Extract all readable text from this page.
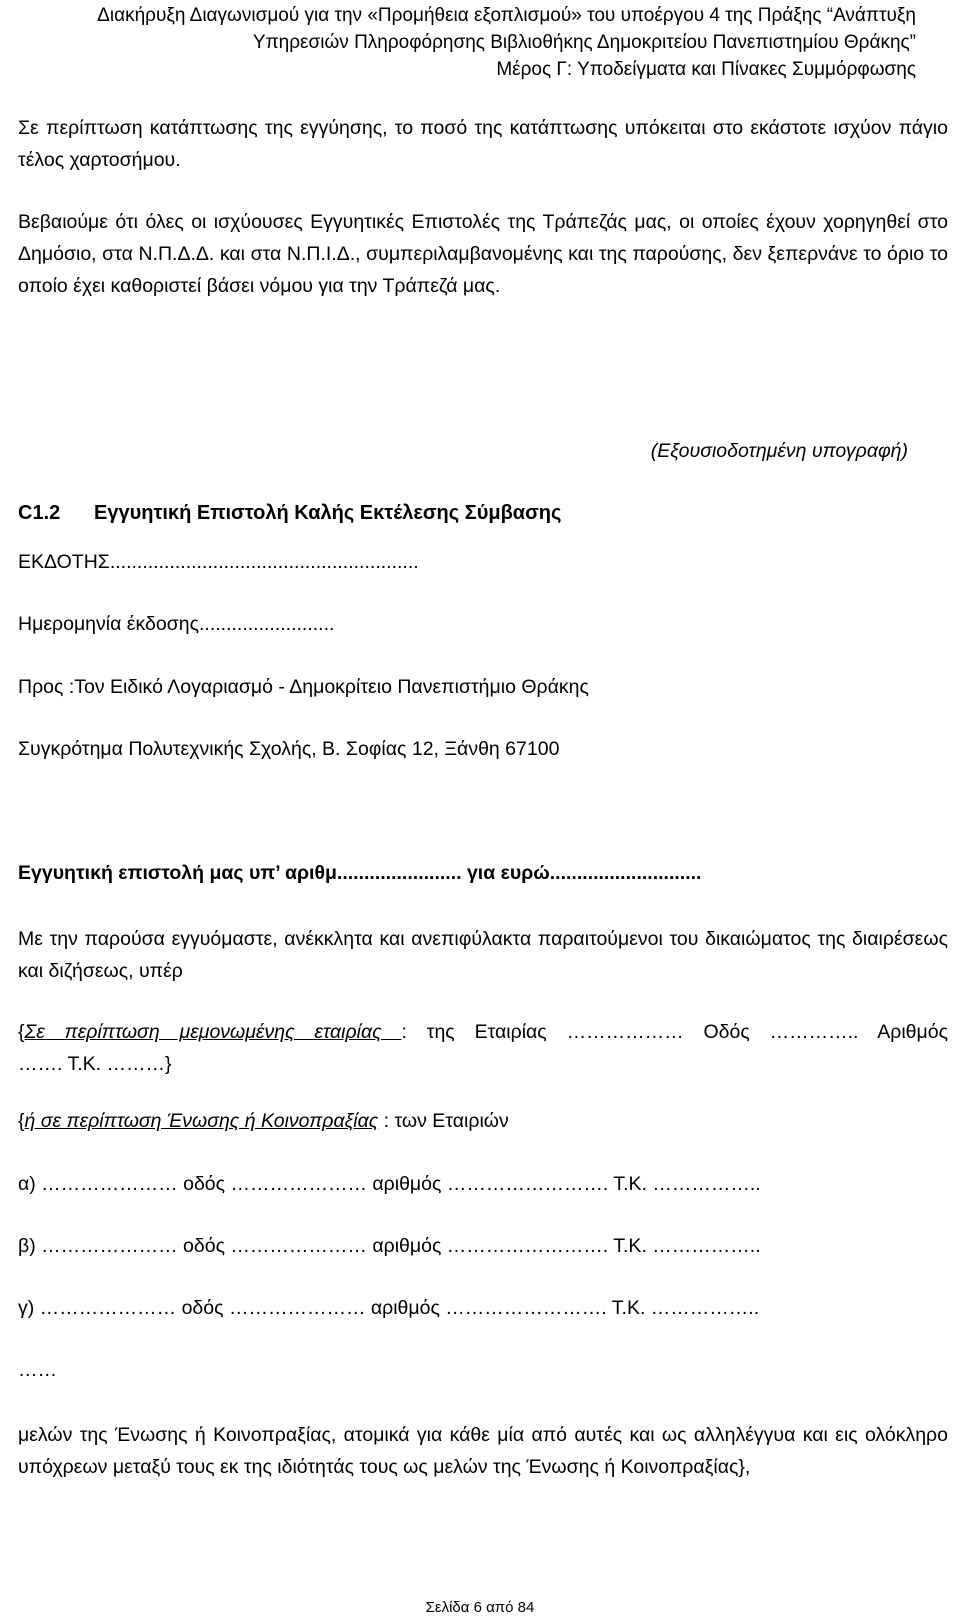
Διακήρυξη Διαγωνισμού για την «Προμήθεια εξοπλισμού» του υποέργου 4 της Πράξης “Ανάπτυξη
Υπηρεσιών Πληροφόρησης Βιβλιοθήκης Δημοκριτείου Πανεπιστημίου Θράκης”
Μέρος Γ: Υποδείγματα και Πίνακες Συμμόρφωσης

Σε περίπτωση κατάπτωσης της εγγύησης, το ποσό της κατάπτωσης υπόκειται στο εκάστοτε ισχύον πάγιο τέλος χαρτοσήμου.

Βεβαιούμε ότι όλες οι ισχύουσες Εγγυητικές Επιστολές της Τράπεζάς μας, οι οποίες έχουν χορηγηθεί στο Δημόσιο, στα Ν.Π.Δ.Δ. και στα Ν.Π.Ι.Δ., συμπεριλαμβανομένης και της παρούσης, δεν ξεπερνάνε το όριο το οποίο έχει καθοριστεί βάσει νόμου για την Τράπεζά μας.

(Εξουσιοδοτημένη υπογραφή)
C1.2 Εγγυητική Επιστολή Καλής Εκτέλεσης Σύμβασης
ΕΚΔΟΤΗΣ.........................................................
Ημερομηνία έκδοσης.........................
Προς :Τον Ειδικό Λογαριασμό - Δημοκρίτειο Πανεπιστήμιο Θράκης
Συγκρότημα Πολυτεχνικής Σχολής, Β. Σοφίας 12, Ξάνθη 67100
Εγγυητική επιστολή μας υπ’ αριθμ....................... για ευρώ............................

Με την παρούσα εγγυόμαστε, ανέκκλητα και ανεπιφύλακτα παραιτούμενοι του δικαιώματος της διαιρέσεως και διζήσεως, υπέρ

{Σε περίπτωση μεμονωμένης εταιρίας : της Εταιρίας ……………… Οδός ………….. Αριθμός

……. Τ.Κ. ………}

{ή σε περίπτωση Ένωσης ή Κοινοπραξίας : των Εταιριών
α) ………………… οδός ………………… αριθμός ……………………. Τ.Κ. ……………..
β) ………………… οδός ………………… αριθμός ……………………. Τ.Κ. ……………..
γ) ………………… οδός ………………… αριθμός ……………………. Τ.Κ. ……………..
……

μελών της Ένωσης ή Κοινοπραξίας, ατομικά για κάθε μία από αυτές και ως αλληλέγγυα και εις ολόκληρο υπόχρεων μεταξύ τους εκ της ιδιότητάς τους ως μελών της Ένωσης ή Κοινοπραξίας},

Σελίδα 6 από 84
